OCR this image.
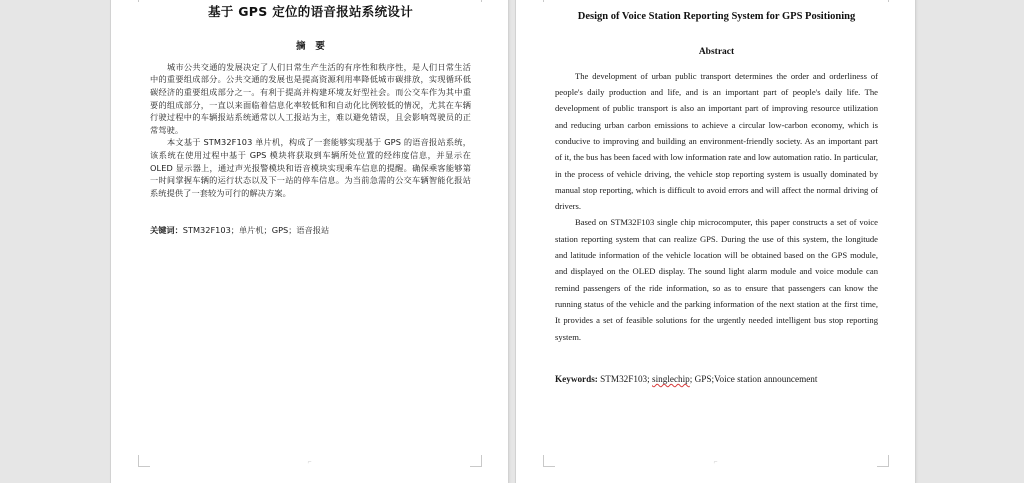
⌐
基于 GPS 定位的语音报站系统设计
摘　要

城市公共交通的发展决定了人们日常生产生活的有序性和秩序性，是人们日常生活中的重要组成部分。公共交通的发展也是提高资源利用率降低城市碳排放，实现循环低碳经济的重要组成部分之一。有利于提高并构建环境友好型社会。而公交车作为其中重要的组成部分，一直以来面临着信息化率较低和和自动化比例较低的情况，尤其在车辆行驶过程中的车辆报站系统通常以人工报站为主，难以避免错误，且会影响驾驶员的正常驾驶。

本文基于 STM32F103 单片机，构成了一套能够实现基于 GPS 的语音报站系统，该系统在使用过程中基于 GPS 模块将获取到车辆所处位置的经纬度信息，并显示在 OLED 显示器上，通过声光报警模块和语音模块实现乘车信息的提醒。确保乘客能够第一时间掌握车辆的运行状态以及下一站的停车信息。为当前急需的公交车辆智能化报站系统提供了一套较为可行的解决方案。

关键词：STM32F103；单片机；GPS；语音报站

⌐
Design of Voice Station Reporting System for GPS Positioning
Abstract

The development of urban public transport determines the order and orderliness of people's daily production and life, and is an important part of people's daily life. The development of public transport is also an important part of improving resource utilization and reducing urban carbon emissions to achieve a circular low-carbon economy, which is conducive to improving and building an environment-friendly society. As an important part of it, the bus has been faced with low information rate and low automation ratio. In particular, in the process of vehicle driving, the vehicle stop reporting system is usually dominated by manual stop reporting, which is difficult to avoid errors and will affect the normal driving of drivers.

Based on STM32F103 single chip microcomputer, this paper constructs a set of voice station reporting system that can realize GPS. During the use of this system, the longitude and latitude information of the vehicle location will be obtained based on the GPS module, and displayed on the OLED display. The sound light alarm module and voice module can remind passengers of the ride information, so as to ensure that passengers can know the running status of the vehicle and the parking information of the next station at the first time, It provides a set of feasible solutions for the urgently needed intelligent bus stop reporting system.

Keywords: STM32F103; singlechip; GPS;Voice station announcement
